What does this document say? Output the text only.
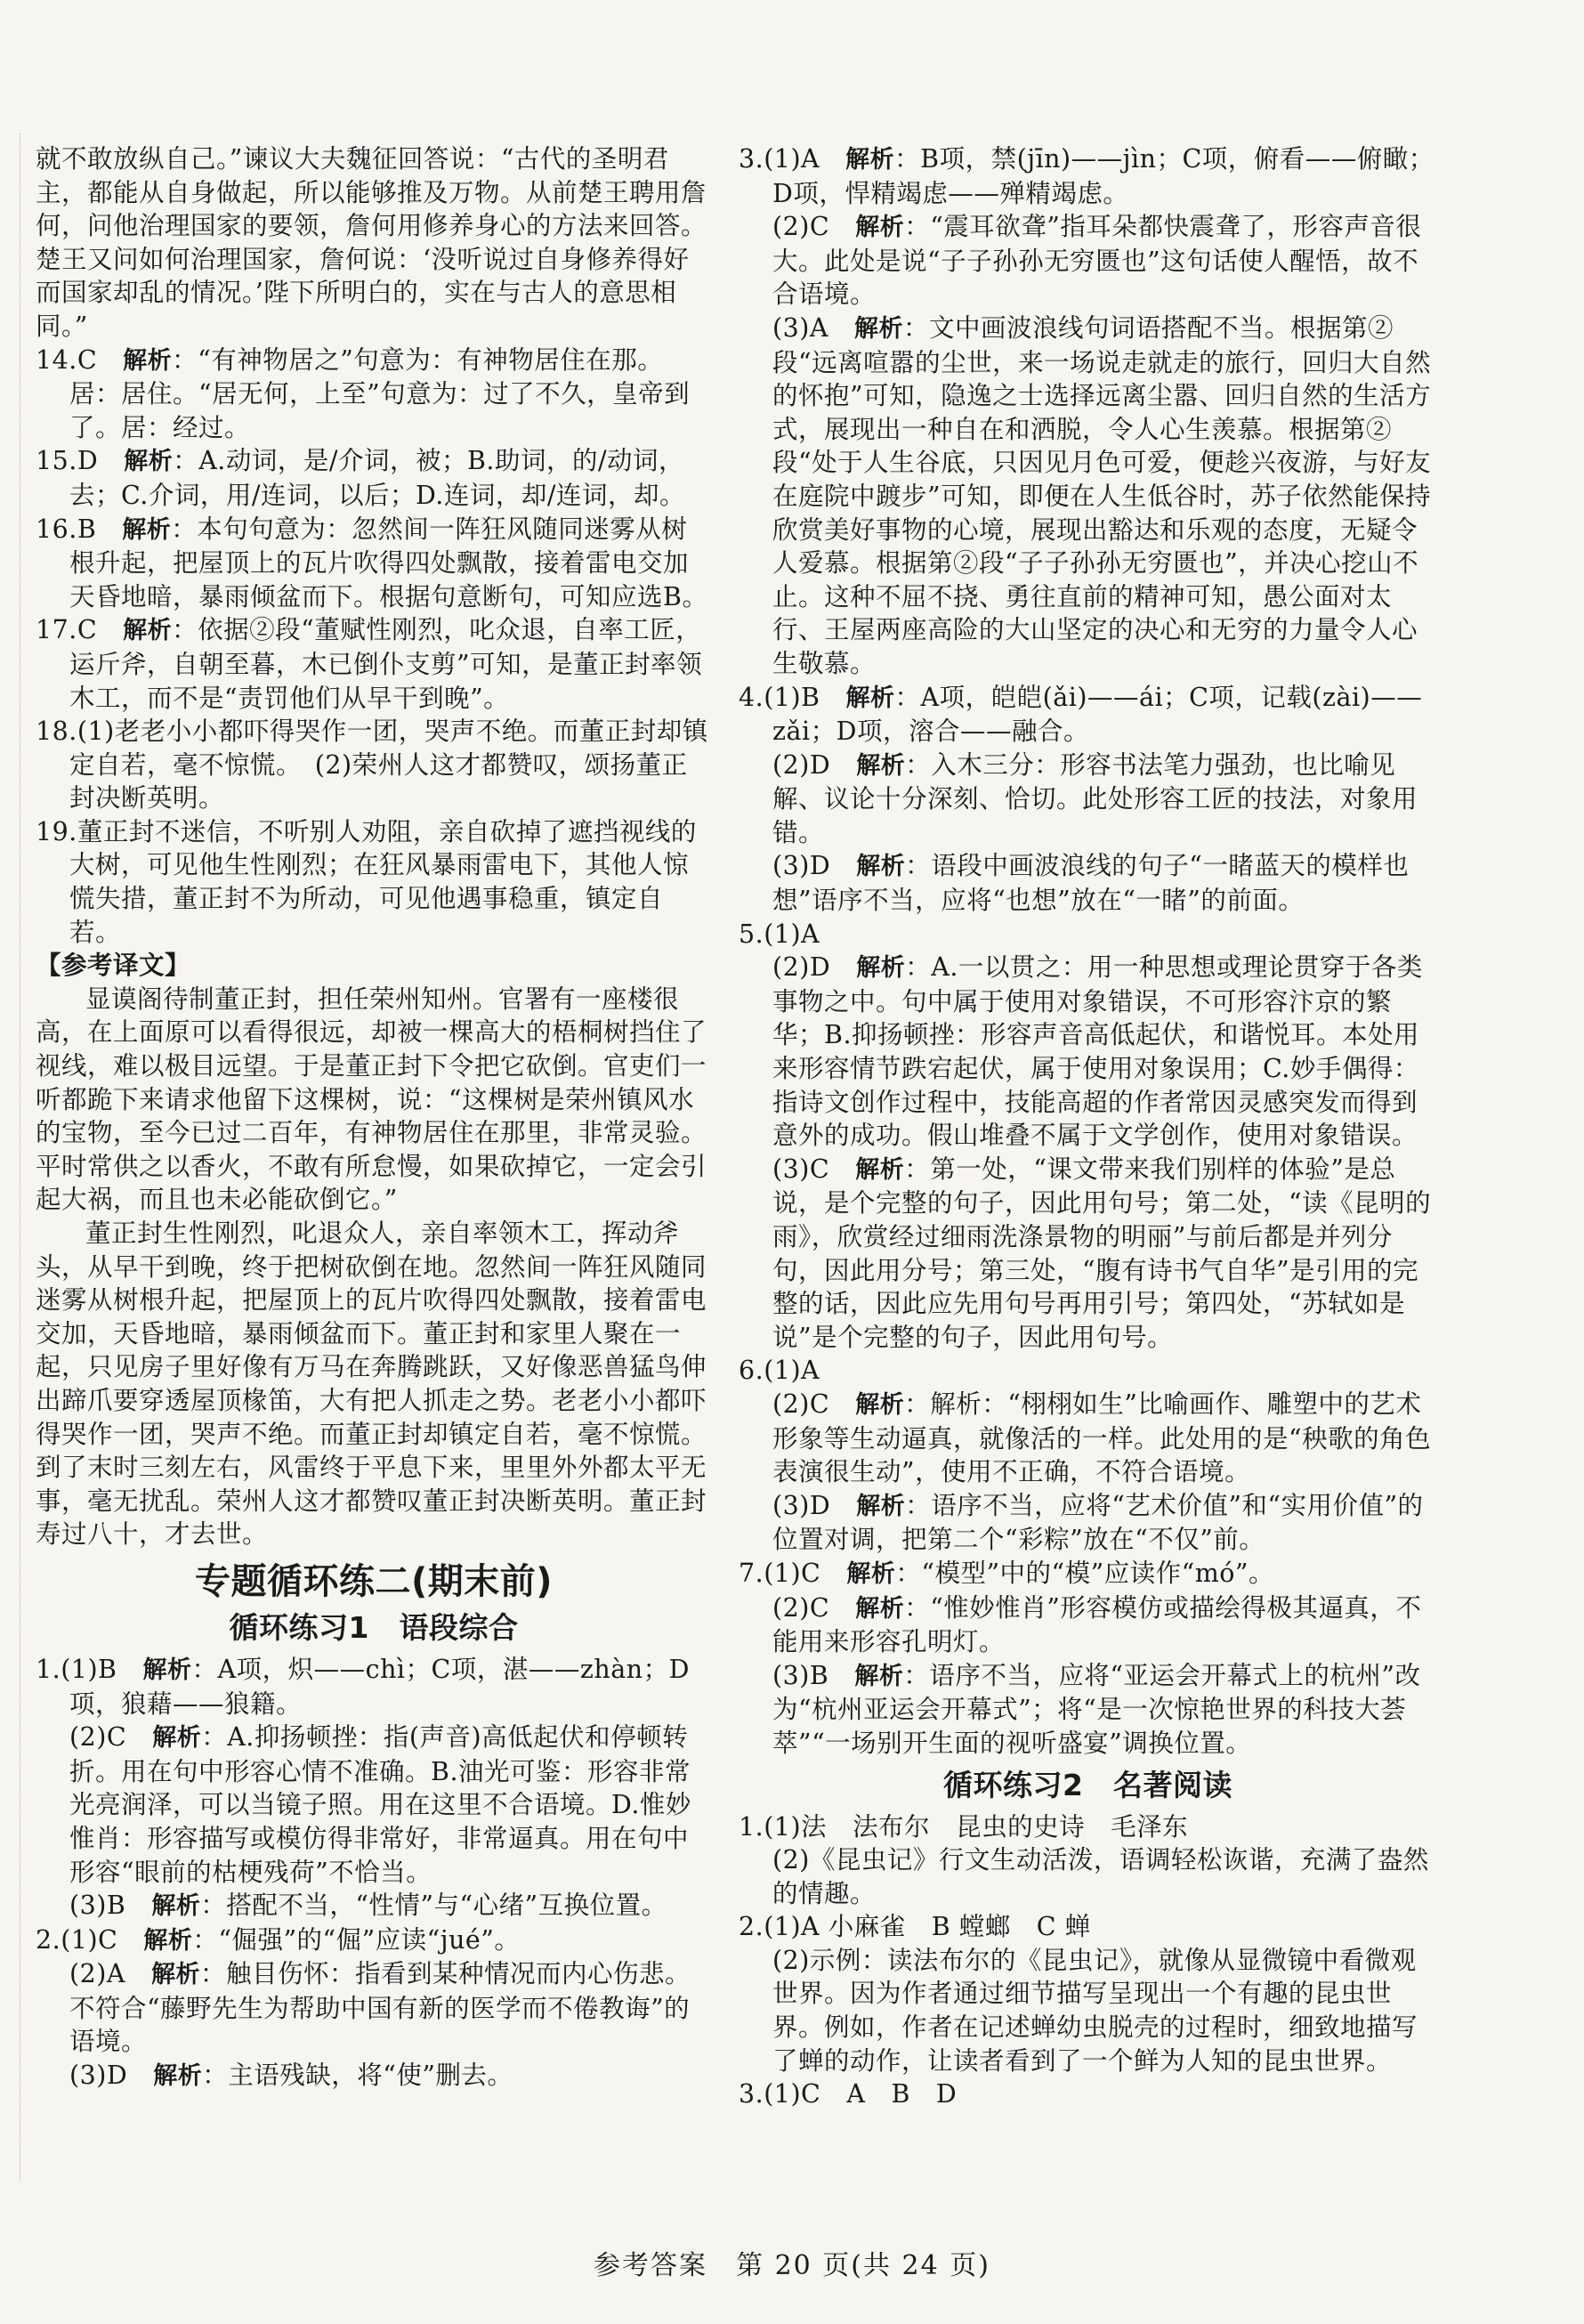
就不敢放纵自己。”谏议大夫魏征回答说：“古代的圣明君主，都能从自身做起，所以能够推及万物。从前楚王聘用詹何，问他治理国家的要领，詹何用修养身心的方法来回答。楚王又问如何治理国家，詹何说：‘没听说过自身修养得好而国家却乱的情况。’陛下所明白的，实在与古人的意思相同。”

14.C　 解析：“有神物居之”句意为：有神物居住在那。居：居住。“居无何，上至”句意为：过了不久，皇帝到了。居：经过。

15.D　 解析：A.动词，是/介词，被；B.助词，的/动词，去；C.介词，用/连词，以后；D.连词，却/连词，却。

16.B　 解析：本句句意为：忽然间一阵狂风随同迷雾从树根升起，把屋顶上的瓦片吹得四处飘散，接着雷电交加天昏地暗，暴雨倾盆而下。根据句意断句，可知应选B。

17.C　 解析：依据②段“董赋性刚烈，叱众退，自率工匠，运斤斧，自朝至暮，木已倒仆支剪”可知，是董正封率领木工，而不是“责罚他们从早干到晚”。

18.(1)老老小小都吓得哭作一团，哭声不绝。而董正封却镇定自若，毫不惊慌。　(2)荣州人这才都赞叹，颂扬董正封决断英明。

19.董正封不迷信，不听别人劝阻，亲自砍掉了遮挡视线的大树，可见他生性刚烈；在狂风暴雨雷电下，其他人惊慌失措，董正封不为所动，可见他遇事稳重，镇定自若。

【参考译文】

显谟阁待制董正封，担任荣州知州。官署有一座楼很高，在上面原可以看得很远，却被一棵高大的梧桐树挡住了视线，难以极目远望。于是董正封下令把它砍倒。官吏们一听都跪下来请求他留下这棵树，说：“这棵树是荣州镇风水的宝物，至今已过二百年，有神物居住在那里，非常灵验。平时常供之以香火，不敢有所怠慢，如果砍掉它，一定会引起大祸，而且也未必能砍倒它。”

董正封生性刚烈，叱退众人，亲自率领木工，挥动斧头，从早干到晚，终于把树砍倒在地。忽然间一阵狂风随同迷雾从树根升起，把屋顶上的瓦片吹得四处飘散，接着雷电交加，天昏地暗，暴雨倾盆而下。董正封和家里人聚在一起，只见房子里好像有万马在奔腾跳跃，又好像恶兽猛鸟伸出蹄爪要穿透屋顶椽笛，大有把人抓走之势。老老小小都吓得哭作一团，哭声不绝。而董正封却镇定自若，毫不惊慌。到了末时三刻左右，风雷终于平息下来，里里外外都太平无事，毫无扰乱。荣州人这才都赞叹董正封决断英明。董正封寿过八十，才去世。

专题循环练二(期末前)
循环练习1　语段综合

1.(1)B　 解析：A项，炽——chì；C项，湛——zhàn；D项，狼藉——狼籍。

(2)C　 解析：A.抑扬顿挫：指(声音)高低起伏和停顿转折。用在句中形容心情不准确。B.油光可鉴：形容非常光亮润泽，可以当镜子照。用在这里不合语境。D.惟妙惟肖：形容描写或模仿得非常好，非常逼真。用在句中形容“眼前的枯梗残荷”不恰当。

(3)B　 解析：搭配不当，“性情”与“心绪”互换位置。

2.(1)C　 解析：“倔强”的“倔”应读“jué”。

(2)A　 解析：触目伤怀：指看到某种情况而内心伤悲。不符合“藤野先生为帮助中国有新的医学而不倦教诲”的语境。

(3)D　 解析：主语残缺，将“使”删去。

3.(1)A　 解析：B项，禁(jīn)——jìn；C项，俯看——俯瞰；D项，悍精竭虑——殚精竭虑。

(2)C　 解析：“震耳欲聋”指耳朵都快震聋了，形容声音很大。此处是说“子子孙孙无穷匮也”这句话使人醒悟，故不合语境。

(3)A　 解析：文中画波浪线句词语搭配不当。根据第②段“远离喧嚣的尘世，来一场说走就走的旅行，回归大自然的怀抱”可知，隐逸之士选择远离尘嚣、回归自然的生活方式，展现出一种自在和洒脱，令人心生羡慕。根据第②段“处于人生谷底，只因见月色可爱，便趁兴夜游，与好友在庭院中踱步”可知，即便在人生低谷时，苏子依然能保持欣赏美好事物的心境，展现出豁达和乐观的态度，无疑令人爱慕。根据第②段“子子孙孙无穷匮也”，并决心挖山不止。这种不屈不挠、勇往直前的精神可知，愚公面对太行、王屋两座高险的大山坚定的决心和无穷的力量令人心生敬慕。

4.(1)B　 解析：A项，皑皑(ǎi)——ái；C项，记载(zài)——zǎi；D项，溶合——融合。

(2)D　 解析：入木三分：形容书法笔力强劲，也比喻见解、议论十分深刻、恰切。此处形容工匠的技法，对象用错。

(3)D　 解析：语段中画波浪线的句子“一睹蓝天的模样也想”语序不当，应将“也想”放在“一睹”的前面。

5.(1)A

(2)D　 解析：A.一以贯之：用一种思想或理论贯穿于各类事物之中。句中属于使用对象错误，不可形容汴京的繁华；B.抑扬顿挫：形容声音高低起伏，和谐悦耳。本处用来形容情节跌宕起伏，属于使用对象误用；C.妙手偶得：指诗文创作过程中，技能高超的作者常因灵感突发而得到意外的成功。假山堆叠不属于文学创作，使用对象错误。

(3)C　 解析：第一处，“课文带来我们别样的体验”是总说，是个完整的句子，因此用句号；第二处，“读《昆明的雨》，欣赏经过细雨洗涤景物的明丽”与前后都是并列分句，因此用分号；第三处，“腹有诗书气自华”是引用的完整的话，因此应先用句号再用引号；第四处，“苏轼如是说”是个完整的句子，因此用句号。

6.(1)A

(2)C　 解析：解析：“栩栩如生”比喻画作、雕塑中的艺术形象等生动逼真，就像活的一样。此处用的是“秧歌的角色表演很生动”，使用不正确，不符合语境。

(3)D　 解析：语序不当，应将“艺术价值”和“实用价值”的位置对调，把第二个“彩粽”放在“不仅”前。

7.(1)C　 解析：“模型”中的“模”应读作“mó”。

(2)C　 解析：“惟妙惟肖”形容模仿或描绘得极其逼真，不能用来形容孔明灯。

(3)B　 解析：语序不当，应将“亚运会开幕式上的杭州”改为“杭州亚运会开幕式”；将“是一次惊艳世界的科技大荟萃”“一场别开生面的视听盛宴”调换位置。

循环练习2　名著阅读

1.(1)法　法布尔　昆虫的史诗　毛泽东

(2)《昆虫记》行文生动活泼，语调轻松诙谐，充满了盎然的情趣。

2.(1)A 小麻雀　B 螳螂　C 蝉

(2)示例：读法布尔的《昆虫记》，就像从显微镜中看微观世界。因为作者通过细节描写呈现出一个有趣的昆虫世界。例如，作者在记述蝉幼虫脱壳的过程时，细致地描写了蝉的动作，让读者看到了一个鲜为人知的昆虫世界。

3.(1)C　A　B　D

参考答案　第 20 页(共 24 页)
